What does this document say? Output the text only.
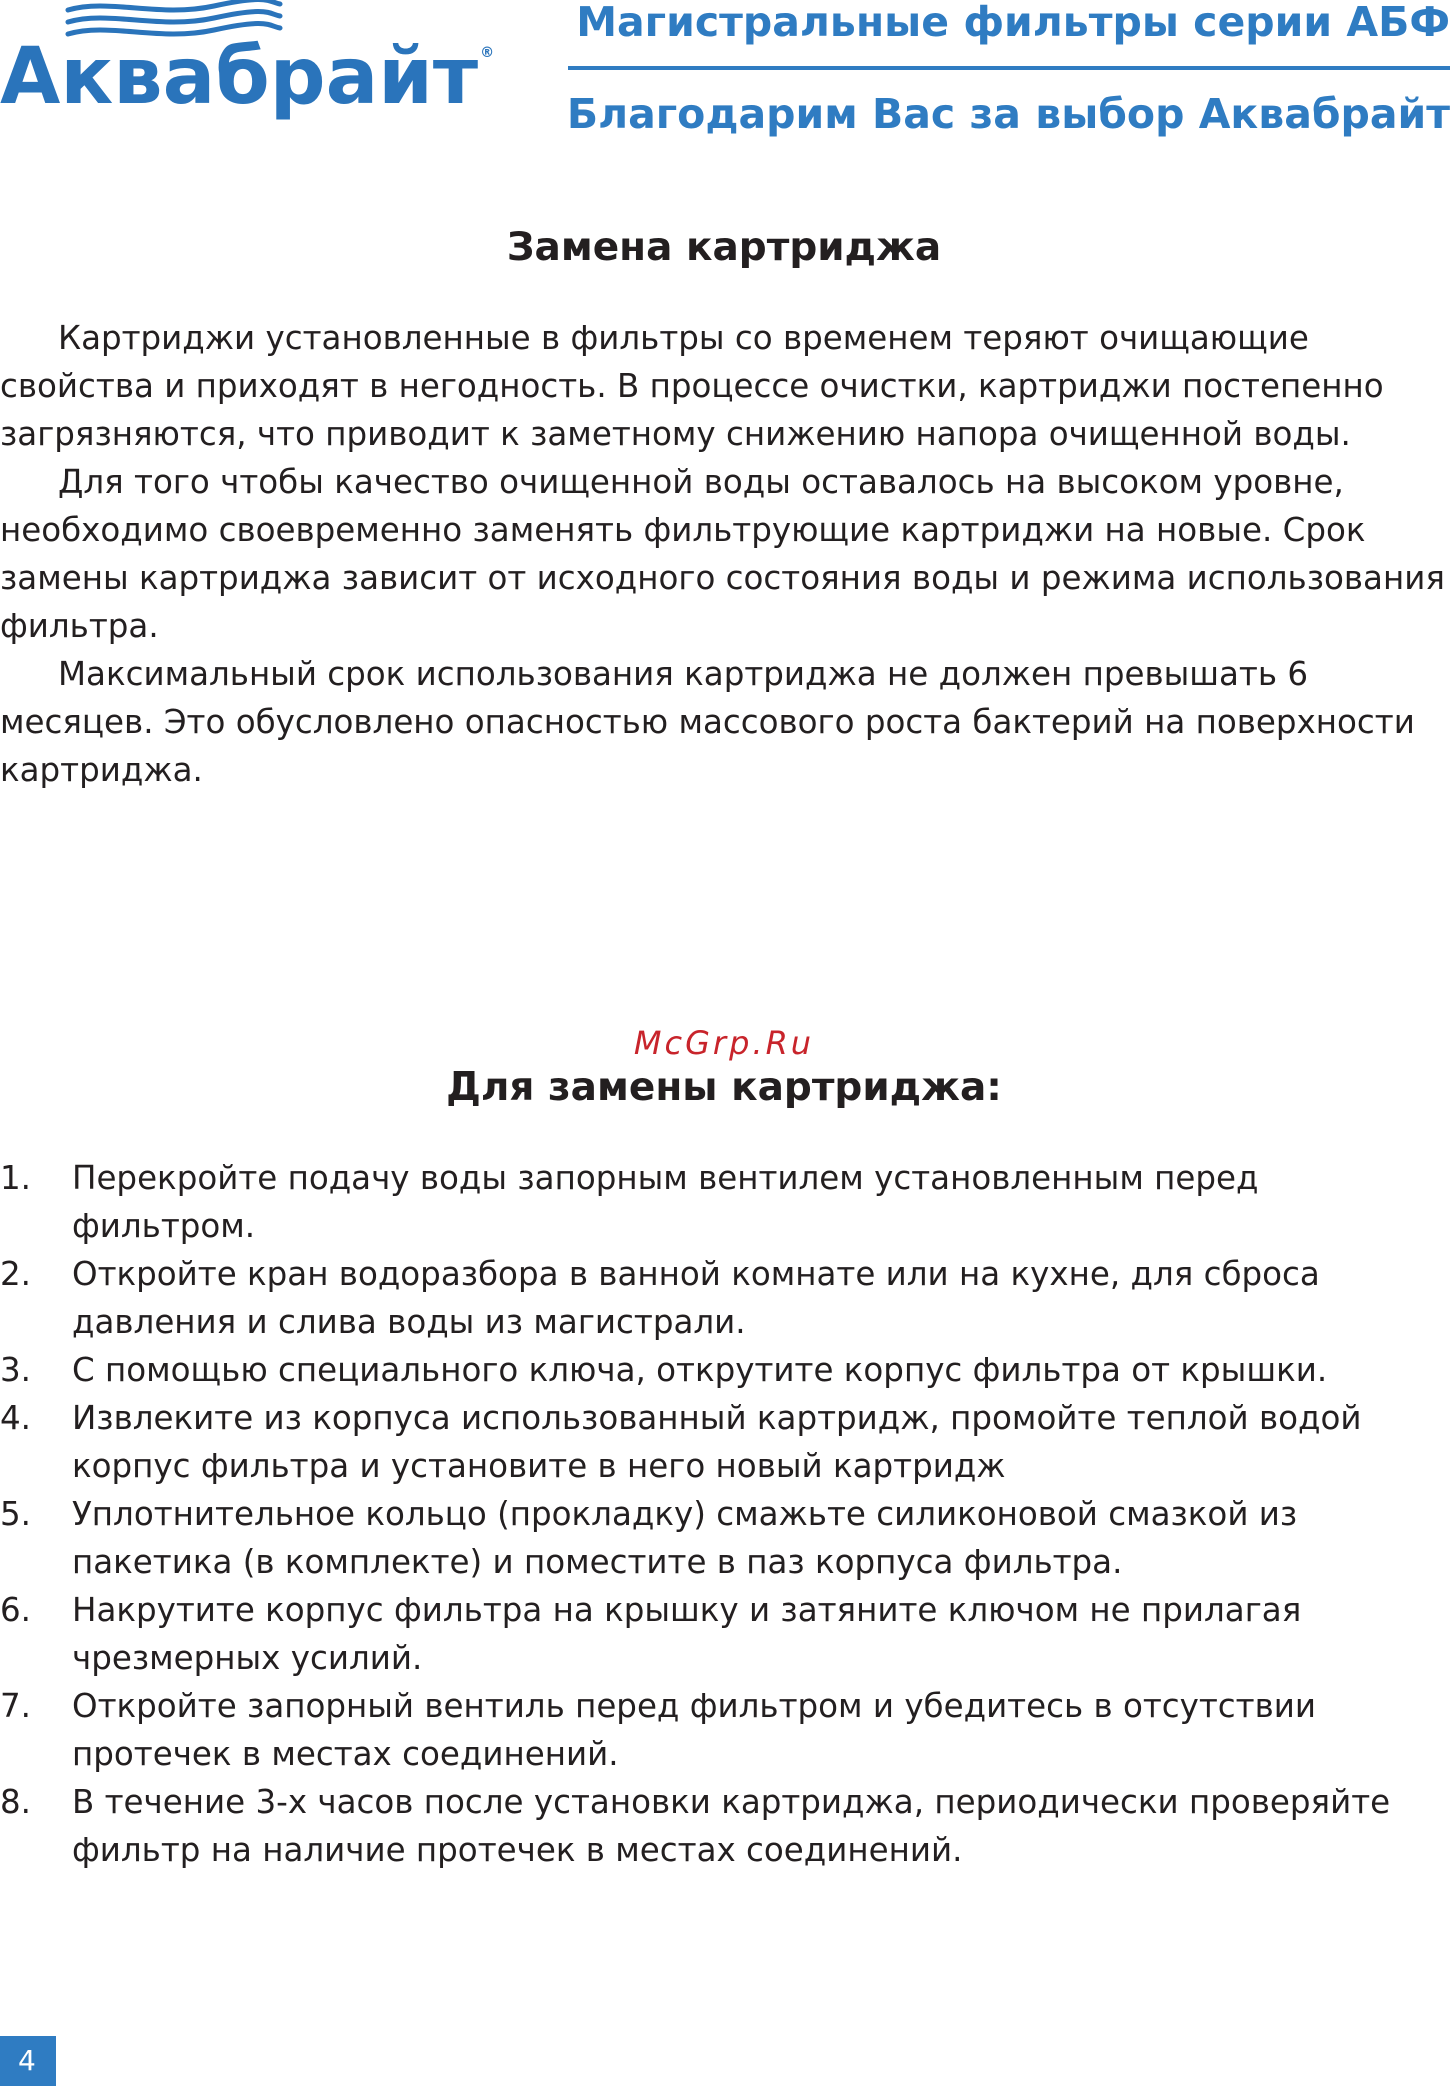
Аквабрайт ®
Магистральные фильтры серии АБФ
Благодарим Вас за выбор Аквабрайт
Замена картриджа

Картриджи установленные в фильтры со временем теряют очищающие свойства и приходят в негодность. В процессе очистки, картриджи постепенно загрязняются, что приводит к заметному снижению напора очищенной воды.

Для того чтобы качество очищенной воды оставалось на высоком уровне, необходимо своевременно заменять фильтрующие картриджи на новые. Срок замены картриджа зависит от исходного состояния воды и режима использования фильтра.

Максимальный срок использования картриджа не должен превышать 6 месяцев. Это обусловлено опасностью массового роста бактерий на поверхности картриджа.

McGrp.Ru
Для замены картриджа:
1. Перекройте подачу воды запорным вентилем установленным перед фильтром.
2. Откройте кран водоразбора в ванной комнате или на кухне, для сброса давления и слива воды из магистрали.
3. С помощью специального ключа, открутите корпус фильтра от крышки.
4. Извлеките из корпуса использованный картридж, промойте теплой водой корпус фильтра и установите в него новый картридж
5. Уплотнительное кольцо (прокладку) смажьте силиконовой смазкой из пакетика (в комплекте) и поместите в паз корпуса фильтра.
6. Накрутите корпус фильтра на крышку и затяните ключом не прилагая чрезмерных усилий.
7. Откройте запорный вентиль перед фильтром и убедитесь в отсутствии протечек в местах соединений.
8. В течение 3-х часов после установки картриджа, периодически проверяйте фильтр на наличие протечек в местах соединений.
4
